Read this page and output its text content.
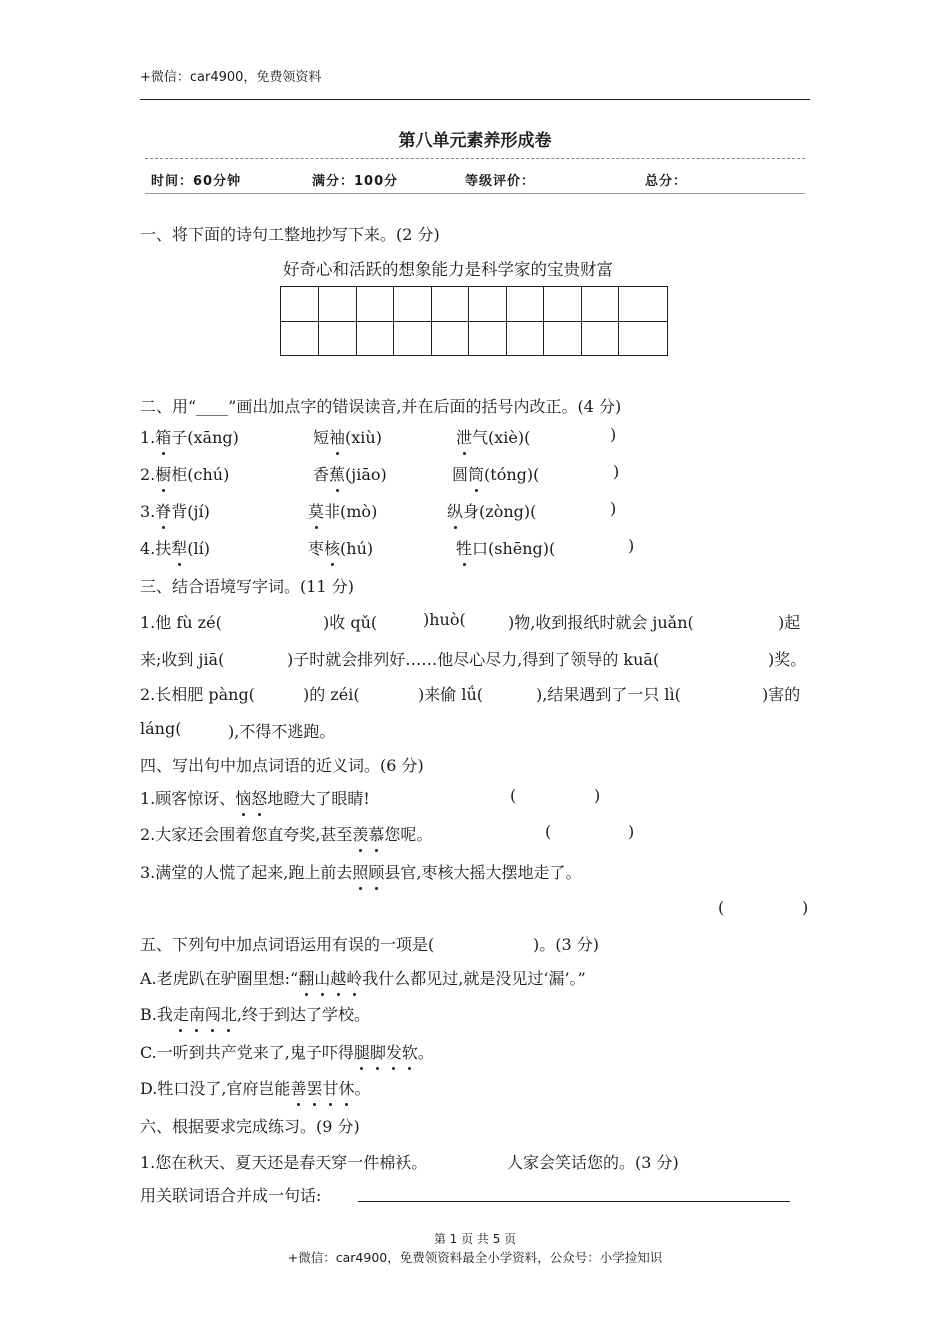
+微信：car4900，免费领资料
第八单元素养形成卷
时间：60分钟	满分：100分	等级评价：	总分：
一、将下面的诗句工整地抄写下来。(2 分)
好奇心和活跃的想象能力是科学家的宝贵财富
二、用“____”画出加点字的错误读音,并在后面的括号内改正。(4 分)
1.箱子(xāng)	短袖(xiù)	泄气(xiè)(	)
2.橱柜(chú)	香蕉(jiāo)	圆筒(tóng)(	)
3.脊背(jí)	莫非(mò)	纵身(zòng)(	)
4.扶犁(lí)	枣核(hú)	牲口(shēng)(	)
三、结合语境写字词。(11 分)
1.他 fù zé(	)收 qǔ(	)huò(	)物,收到报纸时就会 juǎn(	)起
来;收到 jiā(	)子时就会排列好……他尽心尽力,得到了领导的 kuā(	)奖。
2.长相肥 pàng(	)的 zéi(	)来偷 lǘ(	),结果遇到了一只 lì(	)害的
láng(	),不得不逃跑。
四、写出句中加点词语的近义词。(6 分)
1.顾客惊讶、恼怒地瞪大了眼睛!	(	)
2.大家还会围着您直夸奖,甚至羡慕您呢。	(	)
3.满堂的人慌了起来,跑上前去照顾县官,枣核大摇大摆地走了。
(	)
五、下列句中加点词语运用有误的一项是(	)。(3 分)
A.老虎趴在驴圈里想:“翻山越岭我什么都见过,就是没见过‘漏’。”
B.我走南闯北,终于到达了学校。
C.一听到共产党来了,鬼子吓得腿脚发软。
D.牲口没了,官府岂能善罢甘休。
六、根据要求完成练习。(9 分)
1.您在秋天、夏天还是春天穿一件棉袄。	人家会笑话您的。(3 分)
用关联词语合并成一句话:
第 1 页 共 5 页
+微信：car4900，免费领资料最全小学资料，公众号：小学捡知识
